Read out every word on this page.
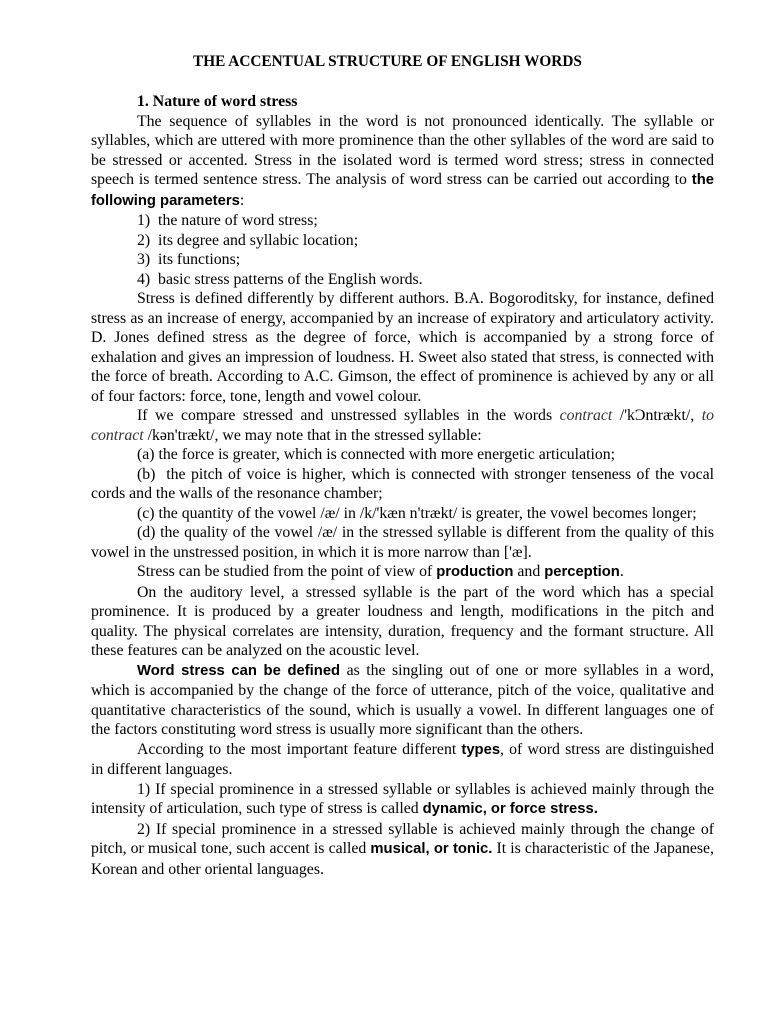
THE ACCENTUAL STRUCTURE OF ENGLISH WORDS

1. Nature of word stress

The sequence of syllables in the word is not pronounced identically. The syllable or syllables, which are uttered with more prominence than the other syllables of the word are said to be stressed or accented. Stress in the isolated word is termed word stress; stress in connected speech is termed sentence stress. The analysis of word stress can be carried out according to the following parameters:

1)  the nature of word stress;

2)  its degree and syllabic location;

3)  its functions;

4)  basic stress patterns of the English words.

Stress is defined differently by different authors. B.A. Bogoroditsky, for instance, defined stress as an increase of energy, accompanied by an increase of expiratory and articulatory activity. D. Jones defined stress as the degree of force, which is accompanied by a strong force of exhalation and gives an impression of loudness. H. Sweet also stated that stress, is connected with the force of breath. According to A.C. Gimson, the effect of prominence is achieved by any or all of four factors: force, tone, length and vowel colour.

If we compare stressed and unstressed syllables in the words contract /'kƆntrækt/, to contract /kən'trækt/, we may note that in the stressed syllable:

(a) the force is greater, which is connected with more energetic articulation;

(b)  the pitch of voice is higher, which is connected with stronger tenseness of the vocal cords and the walls of the resonance chamber;

(c) the quantity of the vowel /æ/ in /k/'kæn n'trækt/ is greater, the vowel becomes longer;

(d) the quality of the vowel /æ/ in the stressed syllable is different from the quality of this vowel in the unstressed position, in which it is more narrow than ['æ].

Stress can be studied from the point of view of production and perception.

On the auditory level, a stressed syllable is the part of the word which has a special prominence. It is produced by a greater loudness and length, modifications in the pitch and quality. The physical correlates are intensity, duration, frequency and the formant structure. All these features can be analyzed on the acoustic level.

Word stress can be defined as the singling out of one or more syllables in a word, which is accompanied by the change of the force of utterance, pitch of the voice, qualitative and quantitative characteristics of the sound, which is usually a vowel. In different languages one of the factors constituting word stress is usually more significant than the others.

According to the most important feature different types, of word stress are distinguished in different languages.

1) If special prominence in a stressed syllable or syllables is achieved mainly through the intensity of articulation, such type of stress is called dynamic, or force stress.

2) If special prominence in a stressed syllable is achieved mainly through the change of pitch, or musical tone, such accent is called musical, or tonic. It is characteristic of the Japanese, Korean and other oriental languages.
